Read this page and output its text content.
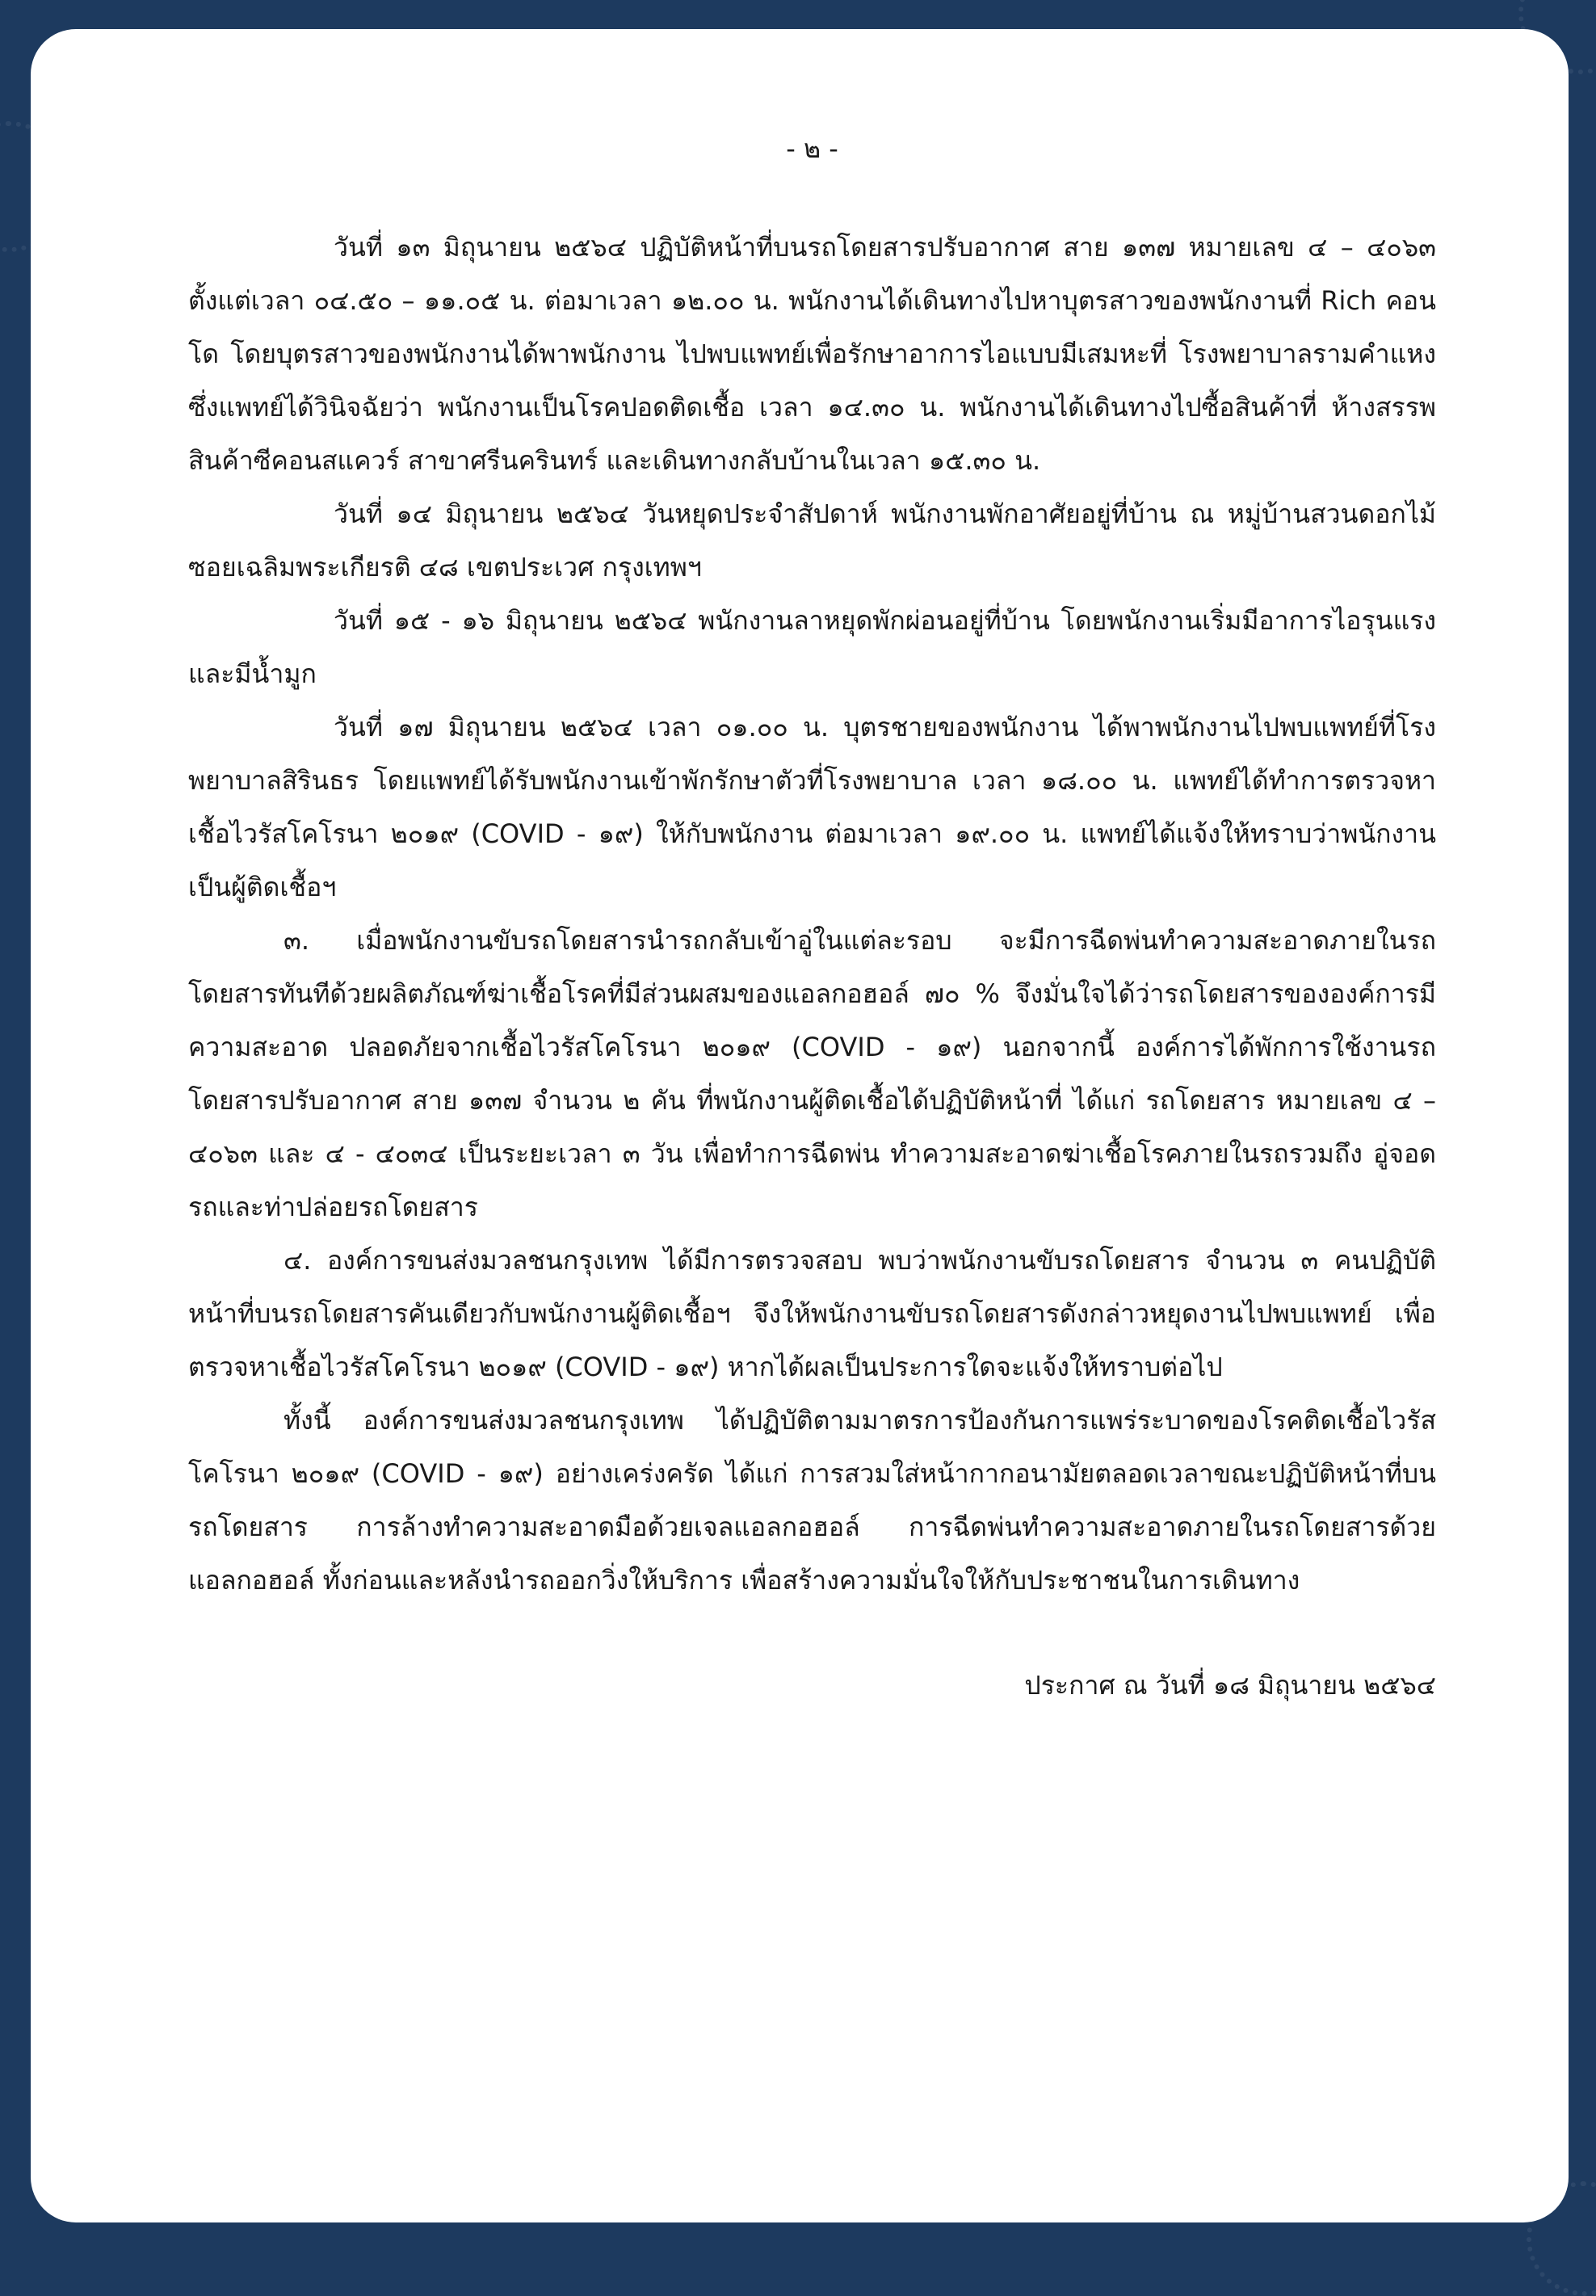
- ๒ -

วันที่ ๑๓ มิถุนายน ๒๕๖๔ ปฏิบัติหน้าที่บนรถโดยสารปรับอากาศ สาย ๑๓๗ หมายเลข ๔ – ๔๐๖๓ ตั้งแต่เวลา ๐๔.๕๐ – ๑๑.๐๕ น. ต่อมาเวลา ๑๒.๐๐ น. พนักงานได้เดินทางไปหาบุตรสาวของพนักงานที่ Rich คอนโด โดยบุตรสาวของพนักงานได้พาพนักงาน ไปพบแพทย์เพื่อรักษาอาการไอแบบมีเสมหะที่ โรงพยาบาลรามคำแหง ซึ่งแพทย์ได้วินิจฉัยว่า พนักงานเป็นโรคปอดติดเชื้อ เวลา ๑๔.๓๐ น. พนักงานได้เดินทางไปซื้อสินค้าที่ ห้างสรรพสินค้าซีคอนสแควร์ สาขาศรีนครินทร์ และเดินทางกลับบ้านในเวลา ๑๕.๓๐ น.

วันที่ ๑๔ มิถุนายน ๒๕๖๔ วันหยุดประจำสัปดาห์ พนักงานพักอาศัยอยู่ที่บ้าน ณ หมู่บ้านสวนดอกไม้ ซอยเฉลิมพระเกียรติ ๔๘ เขตประเวศ กรุงเทพฯ

วันที่ ๑๕ - ๑๖ มิถุนายน ๒๕๖๔ พนักงานลาหยุดพักผ่อนอยู่ที่บ้าน โดยพนักงานเริ่มมีอาการไอรุนแรง และมีน้ำมูก

วันที่ ๑๗ มิถุนายน ๒๕๖๔ เวลา ๐๑.๐๐ น. บุตรชายของพนักงาน ได้พาพนักงานไปพบแพทย์ที่โรงพยาบาลสิรินธร โดยแพทย์ได้รับพนักงานเข้าพักรักษาตัวที่โรงพยาบาล เวลา ๑๘.๐๐ น. แพทย์ได้ทำการตรวจหาเชื้อไวรัสโคโรนา ๒๐๑๙ (COVID - ๑๙) ให้กับพนักงาน ต่อมาเวลา ๑๙.๐๐ น. แพทย์ได้แจ้งให้ทราบว่าพนักงานเป็นผู้ติดเชื้อฯ

๓. เมื่อพนักงานขับรถโดยสารนำรถกลับเข้าอู่ในแต่ละรอบ จะมีการฉีดพ่นทำความสะอาดภายในรถโดยสารทันทีด้วยผลิตภัณฑ์ฆ่าเชื้อโรคที่มีส่วนผสมของแอลกอฮอล์ ๗๐ % จึงมั่นใจได้ว่ารถโดยสารขององค์การมีความสะอาด ปลอดภัยจากเชื้อไวรัสโคโรนา ๒๐๑๙ (COVID - ๑๙) นอกจากนี้ องค์การได้พักการใช้งานรถโดยสารปรับอากาศ สาย ๑๓๗ จำนวน ๒ คัน ที่พนักงานผู้ติดเชื้อได้ปฏิบัติหน้าที่ ได้แก่ รถโดยสาร หมายเลข ๔ – ๔๐๖๓ และ ๔ - ๔๐๓๔ เป็นระยะเวลา ๓ วัน เพื่อทำการฉีดพ่น ทำความสะอาดฆ่าเชื้อโรคภายในรถรวมถึง อู่จอดรถและท่าปล่อยรถโดยสาร

๔. องค์การขนส่งมวลชนกรุงเทพ ได้มีการตรวจสอบ พบว่าพนักงานขับรถโดยสาร จำนวน ๓ คนปฏิบัติหน้าที่บนรถโดยสารคันเดียวกับพนักงานผู้ติดเชื้อฯ จึงให้พนักงานขับรถโดยสารดังกล่าวหยุดงานไปพบแพทย์ เพื่อตรวจหาเชื้อไวรัสโคโรนา ๒๐๑๙ (COVID - ๑๙) หากได้ผลเป็นประการใดจะแจ้งให้ทราบต่อไป

ทั้งนี้ องค์การขนส่งมวลชนกรุงเทพ ได้ปฏิบัติตามมาตรการป้องกันการแพร่ระบาดของโรคติดเชื้อไวรัสโคโรนา ๒๐๑๙ (COVID - ๑๙) อย่างเคร่งครัด ได้แก่ การสวมใส่หน้ากากอนามัยตลอดเวลาขณะปฏิบัติหน้าที่บนรถโดยสาร การล้างทำความสะอาดมือด้วยเจลแอลกอฮอล์ การฉีดพ่นทำความสะอาดภายในรถโดยสารด้วยแอลกอฮอล์ ทั้งก่อนและหลังนำรถออกวิ่งให้บริการ เพื่อสร้างความมั่นใจให้กับประชาชนในการเดินทาง

ประกาศ ณ วันที่ ๑๘ มิถุนายน ๒๕๖๔
